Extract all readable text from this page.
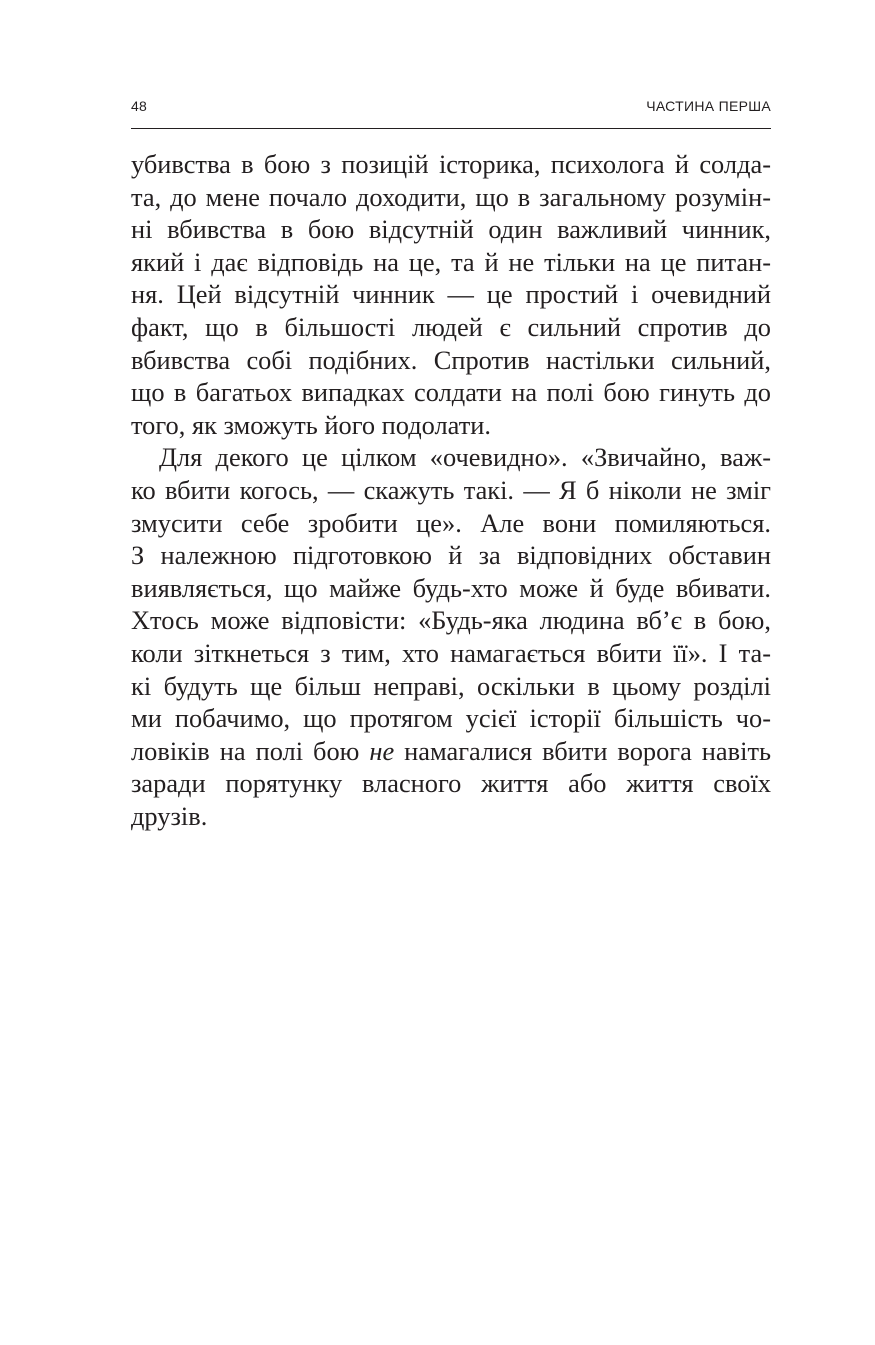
48	ЧАСТИНА ПЕРША

убивства в бою з позицій історика, психолога й солда-
та, до мене почало доходити, що в загальному розумін-
ні вбивства в бою відсутній один важливий чинник,
який і дає відповідь на це, та й не тільки на це питан-
ня. Цей відсутній чинник — це простий і очевидний
факт, що в більшості людей є сильний спротив до
вбивства собі подібних. Спротив настільки сильний,
що в багатьох випадках солдати на полі бою гинуть до
того, як зможуть його подолати.

Для декого це цілком «очевидно». «Звичайно, важ-
ко вбити когось, — скажуть такі. — Я б ніколи не зміг
змусити себе зробити це». Але вони помиляються.
З належною підготовкою й за відповідних обставин
виявляється, що майже будь-хто може й буде вбивати.
Хтось може відповісти: «Будь-яка людина вб’є в бою,
коли зіткнеться з тим, хто намагається вбити її». І та-
кі будуть ще більш неправі, оскільки в цьому розділі
ми побачимо, що протягом усієї історії більшість чо-
ловіків на полі бою не намагалися вбити ворога навіть
заради порятунку власного життя або життя своїх
друзів.
